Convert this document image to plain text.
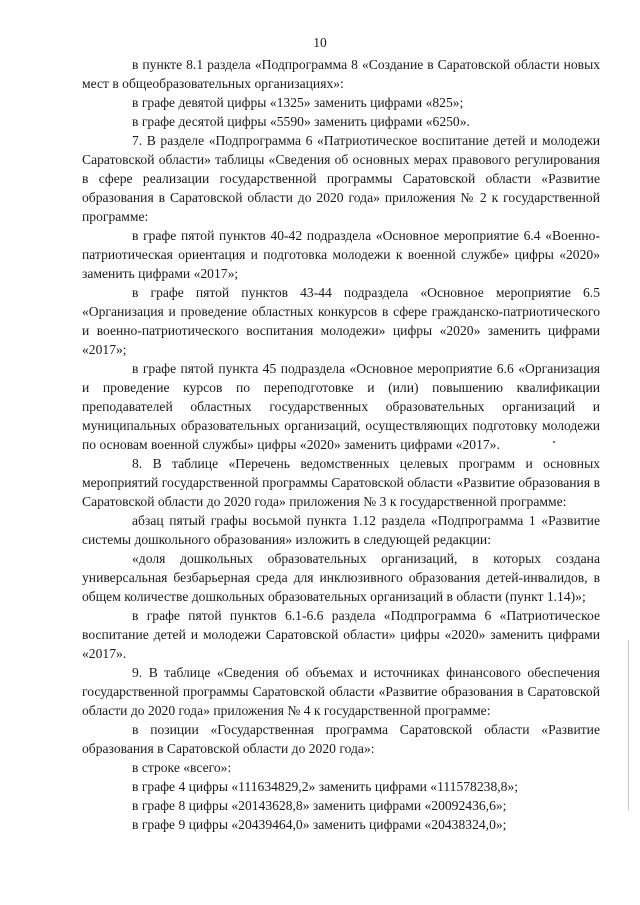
10

в пункте 8.1 раздела «Подпрограмма 8 «Создание в Саратовской области новых мест в общеобразовательных организациях»:

в графе девятой цифры «1325» заменить цифрами «825»;

в графе десятой цифры «5590» заменить цифрами «6250».

7. В разделе «Подпрограмма 6 «Патриотическое воспитание детей и молодежи Саратовской области» таблицы «Сведения об основных мерах правового регулирования в сфере реализации государственной программы Саратовской области «Развитие образования в Саратовской области до 2020 года» приложения № 2 к государственной программе:

в графе пятой пунктов 40-42 подраздела «Основное мероприятие 6.4 «Военно-патриотическая ориентация и подготовка молодежи к военной службе» цифры «2020» заменить цифрами «2017»;

в графе пятой пунктов 43-44 подраздела «Основное мероприятие 6.5 «Организация и проведение областных конкурсов в сфере гражданско-патриотического и военно-патриотического воспитания молодежи» цифры «2020» заменить цифрами «2017»;

в графе пятой пункта 45 подраздела «Основное мероприятие 6.6 «Организация и проведение курсов по переподготовке и (или) повышению квалификации преподавателей областных государственных образовательных организаций и муниципальных образовательных организаций, осуществляющих подготовку молодежи по основам военной службы» цифры «2020» заменить цифрами «2017».

8. В таблице «Перечень ведомственных целевых программ и основных мероприятий государственной программы Саратовской области «Развитие образования в Саратовской области до 2020 года» приложения № 3 к государственной программе:

абзац пятый графы восьмой пункта 1.12 раздела «Подпрограмма 1 «Развитие системы дошкольного образования» изложить в следующей редакции:

«доля дошкольных образовательных организаций, в которых создана универсальная безбарьерная среда для инклюзивного образования детей-инвалидов, в общем количестве дошкольных образовательных организаций в области (пункт 1.14)»;

в графе пятой пунктов 6.1-6.6 раздела «Подпрограмма 6 «Патриотическое воспитание детей и молодежи Саратовской области» цифры «2020» заменить цифрами «2017».

9. В таблице «Сведения об объемах и источниках финансового обеспечения государственной программы Саратовской области «Развитие образования в Саратовской области до 2020 года» приложения № 4 к государственной программе:

в позиции «Государственная программа Саратовской области «Развитие образования в Саратовской области до 2020 года»:

в строке «всего»:

в графе 4 цифры «111634829,2» заменить цифрами «111578238,8»;

в графе 8 цифры «20143628,8» заменить цифрами «20092436,6»;

в графе 9 цифры «20439464,0» заменить цифрами «20438324,0»;
